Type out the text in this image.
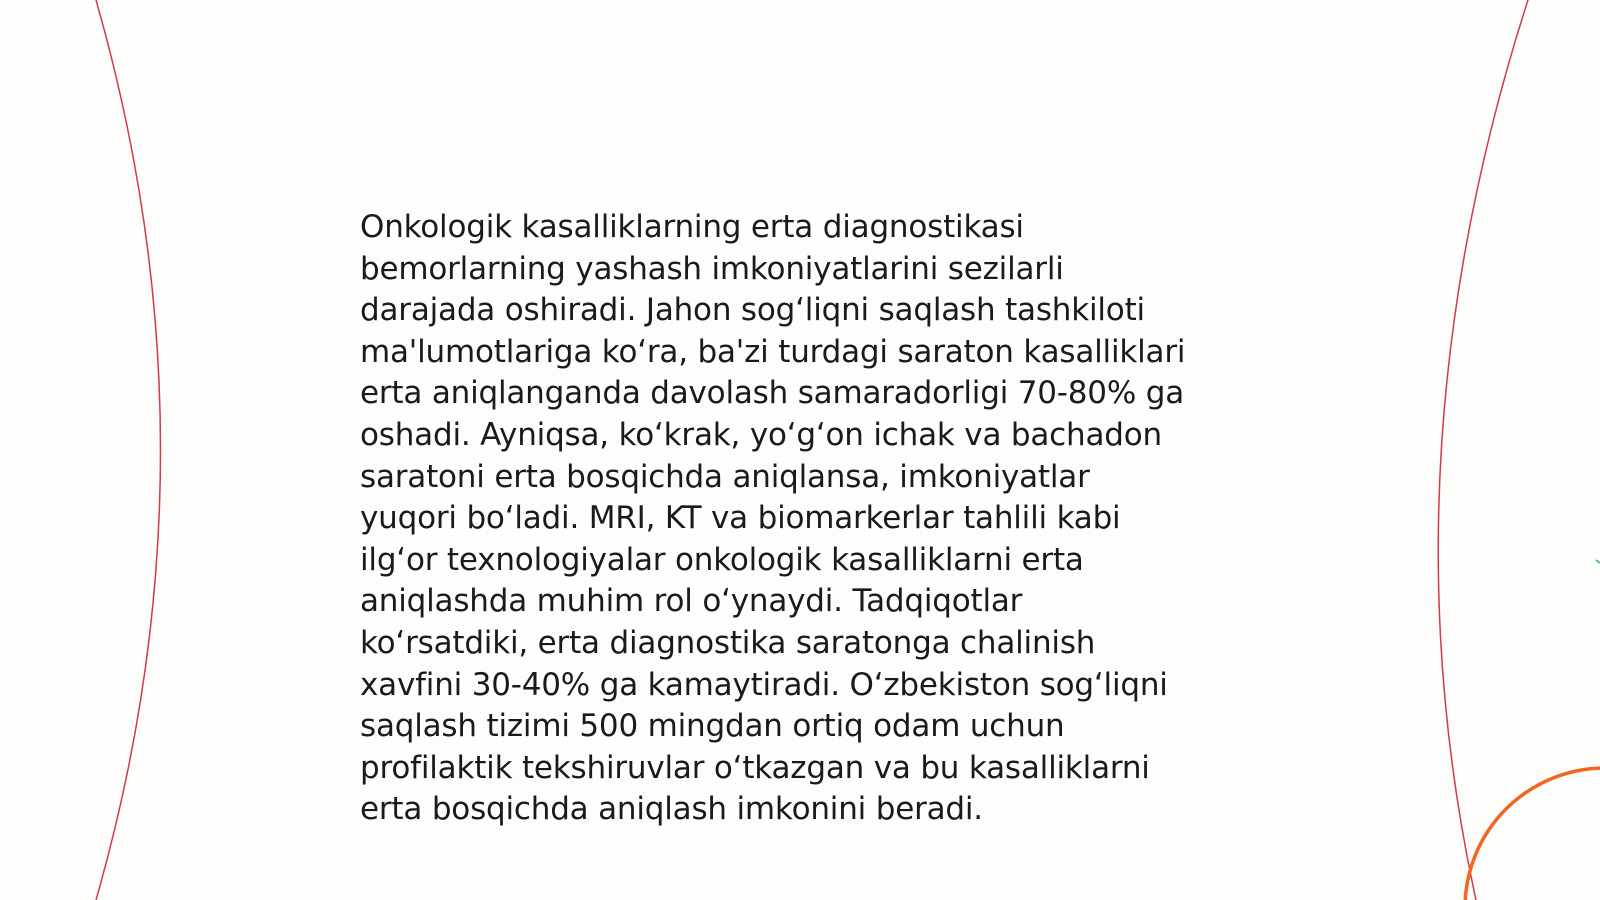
Onkologik kasalliklarning erta diagnostikasi
bemorlarning yashash imkoniyatlarini sezilarli
darajada oshiradi. Jahon sog‘liqni saqlash tashkiloti
ma'lumotlariga ko‘ra, ba'zi turdagi saraton kasalliklari
erta aniqlanganda davolash samaradorligi 70-80% ga
oshadi. Ayniqsa, ko‘krak, yo‘g‘on ichak va bachadon
saratoni erta bosqichda aniqlansa, imkoniyatlar
yuqori bo‘ladi. MRI, KT va biomarkerlar tahlili kabi
ilg‘or texnologiyalar onkologik kasalliklarni erta
aniqlashda muhim rol o‘ynaydi. Tadqiqotlar
ko‘rsatdiki, erta diagnostika saratonga chalinish
xavfini 30-40% ga kamaytiradi. O‘zbekiston sog‘liqni
saqlash tizimi 500 mingdan ortiq odam uchun
profilaktik tekshiruvlar o‘tkazgan va bu kasalliklarni
erta bosqichda aniqlash imkonini beradi.
